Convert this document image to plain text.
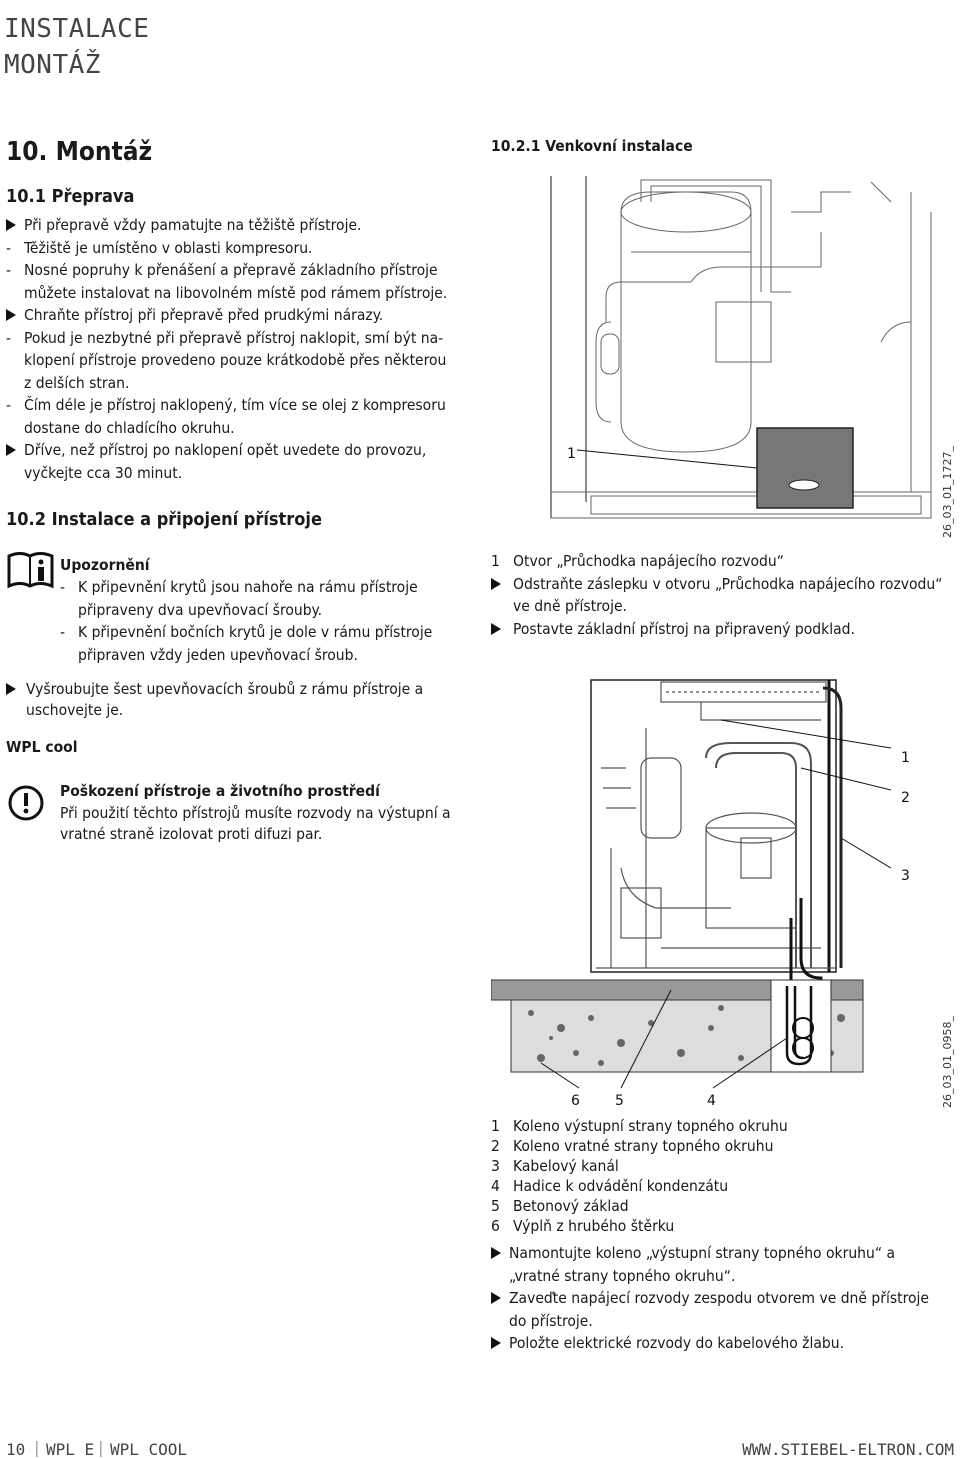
INSTALACE
MONTÁŽ
10. Montáž
10.1 Přeprava
Při přepravě vždy pamatujte na těžiště přístroje.
- Těžiště je umístěno v oblasti kompresoru.
- Nosné popruhy k přenášení a přepravě základního přístroje
můžete instalovat na libovolném místě pod rámem přístroje.
Chraňte přístroj při přepravě před prudkými nárazy.
- Pokud je nezbytné při přepravě přístroj naklopit, smí být na-
klopení přístroje provedeno pouze krátkodobě přes některou
z delších stran.
- Čím déle je přístroj naklopený, tím více se olej z kompresoru
dostane do chladícího okruhu.
Dříve, než přístroj po naklopení opět uvedete do provozu,
vyčkejte cca 30 minut.
10.2 Instalace a připojení přístroje
Upozornění
- K připevnění krytů jsou nahoře na rámu přístroje
připraveny dva upevňovací šrouby.
- K připevnění bočních krytů je dole v rámu přístroje
připraven vždy jeden upevňovací šroub.
Vyšroubujte šest upevňovacích šroubů z rámu přístroje a
uschovejte je.
WPL cool
Poškození přístroje a životního prostředí
Při použití těchto přístrojů musíte rozvody na výstupní a
vratné straně izolovat proti difuzi par.
10.2.1 Venkovní instalace
1	26_03_01_1727_
1 Otvor „Průchodka napájecího rozvodu“
Odstraňte záslepku v otvoru „Průchodka napájecího rozvodu“
ve dně přístroje.
Postavte základní přístroj na připravený podklad.
1
2
3
6	5	4	26_03_01_0958_
1 Koleno výstupní strany topného okruhu
2 Koleno vratné strany topného okruhu
3 Kabelový kanál
4 Hadice k odvádění kondenzátu
5 Betonový základ
6 Výplň z hrubého štěrku
Namontujte koleno „výstupní strany topného okruhu“ a
„vratné strany topného okruhu“.
Zaveďte napájecí rozvody zespodu otvorem ve dně přístroje
do přístroje.
Položte elektrické rozvody do kabelového žlabu.
10 | WPL E | WPL COOL	WWW.STIEBEL-ELTRON.COM
